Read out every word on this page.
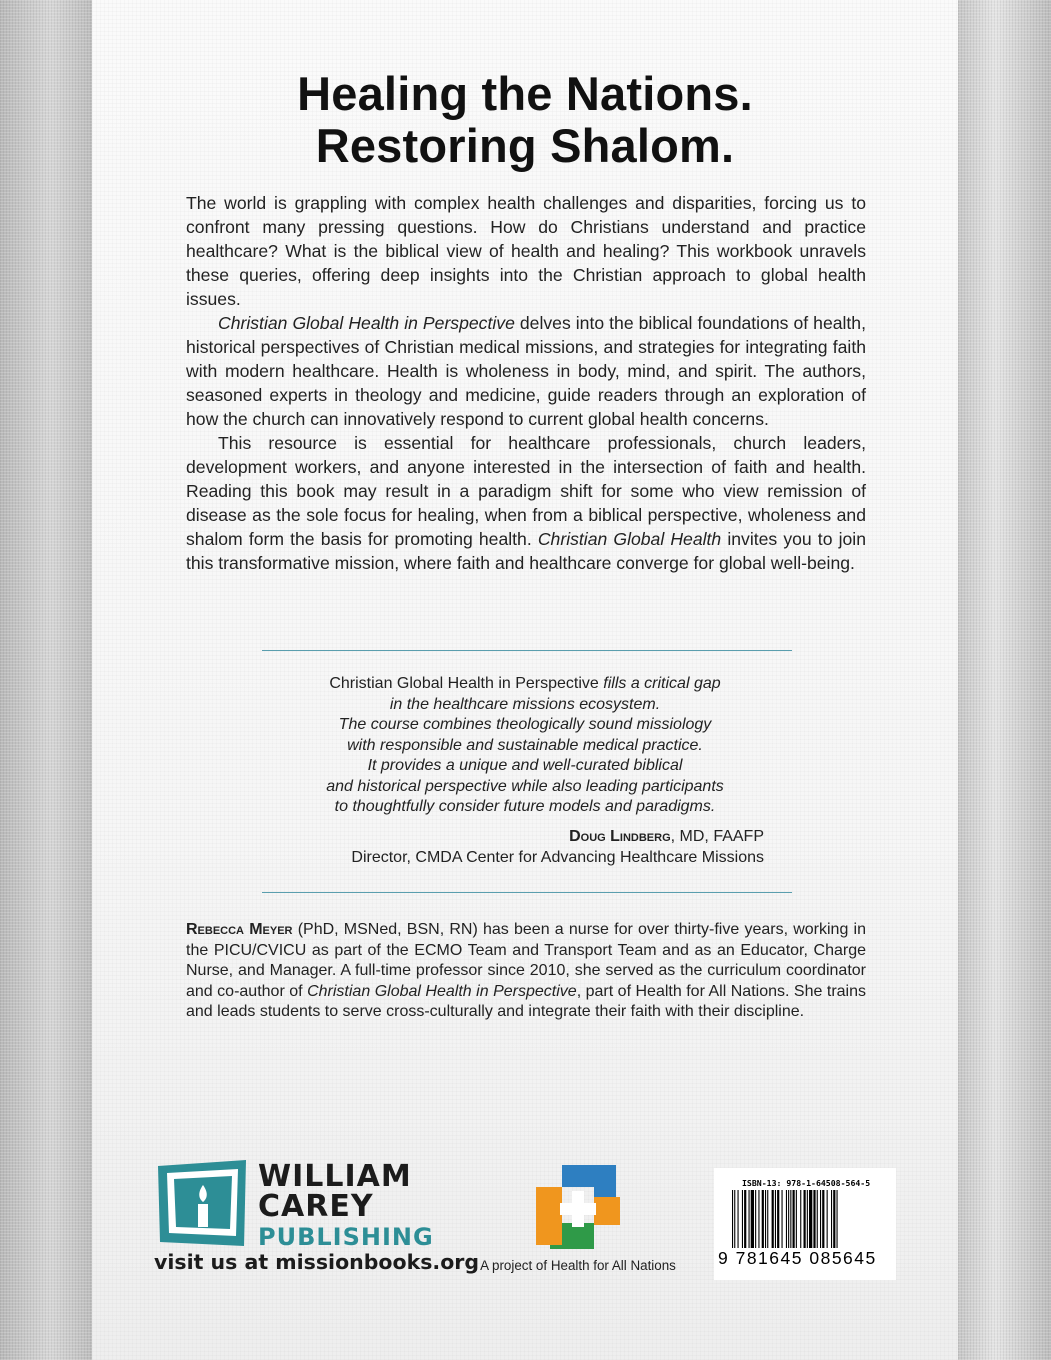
Healing the Nations.
Restoring Shalom.

The world is grappling with complex health challenges and disparities, forcing us to confront many pressing questions. How do Christians understand and practice healthcare? What is the biblical view of health and healing? This workbook unravels these queries, offering deep insights into the Christian approach to global health issues.

Christian Global Health in Perspective delves into the biblical foundations of health, historical perspectives of Christian medical missions, and strategies for integrating faith with modern healthcare. Health is wholeness in body, mind, and spirit. The authors, seasoned experts in theology and medicine, guide readers through an exploration of how the church can innovatively respond to current global health concerns.

This resource is essential for healthcare professionals, church leaders, development workers, and anyone interested in the intersection of faith and health. Reading this book may result in a paradigm shift for some who view remission of disease as the sole focus for healing, when from a biblical perspective, wholeness and shalom form the basis for promoting health. Christian Global Health invites you to join this transformative mission, where faith and healthcare converge for global well-being.

Christian Global Health in Perspective fills a critical gap

in the healthcare missions ecosystem.

The course combines theologically sound missiology

with responsible and sustainable medical practice.

It provides a unique and well-curated biblical

and historical perspective while also leading participants

to thoughtfully consider future models and paradigms.

Doug Lindberg, MD, FAAFP
Director, CMDA Center for Advancing Healthcare Missions
Rebecca Meyer (PhD, MSNed, BSN, RN) has been a nurse for over thirty-five years, working in the PICU/CVICU as part of the ECMO Team and Transport Team and as an Educator, Charge Nurse, and Manager. A full-time professor since 2010, she served as the curriculum coordinator and co-author of Christian Global Health in Perspective, part of Health for All Nations. She trains and leads students to serve cross-culturally and integrate their faith with their discipline.
WILLIAM
CAREY
PUBLISHING
visit us at missionbooks.org A project of Health for All Nations
ISBN-13: 978-1-64508-564-5
9 781645 085645
